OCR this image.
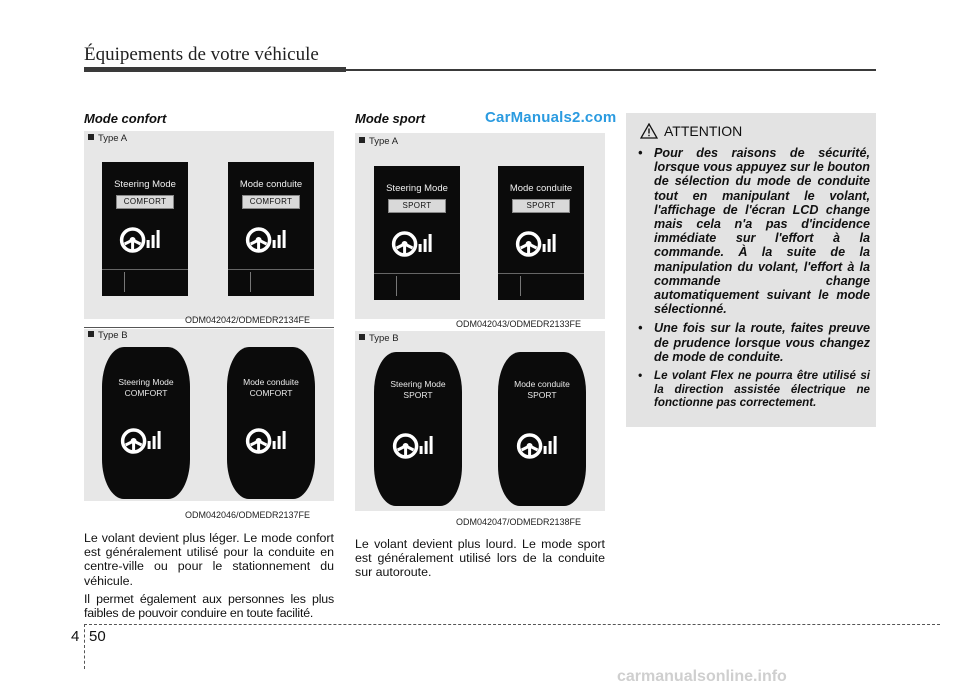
Équipements de votre véhicule
Mode confort
Type A
Steering Mode
COMFORT
Mode conduite
COMFORT
ODM042042/ODMEDR2134FE
Type B
Steering Mode
COMFORT
Mode conduite
COMFORT
ODM042046/ODMEDR2137FE
Le volant devient plus léger. Le mode confort est généralement utilisé pour la conduite en centre-ville ou pour le stationnement du véhicule.
Il permet également aux personnes les plus faibles de pouvoir conduire en toute facilité.
Mode sport	CarManuals2.com
Type A
Steering Mode
SPORT
Mode conduite
SPORT
ODM042043/ODMEDR2133FE
Type B
Steering Mode
SPORT
Mode conduite
SPORT
ODM042047/ODMEDR2138FE
Le volant devient plus lourd. Le mode sport est généralement utilisé lors de la conduite sur autoroute.
ATTENTION
• Pour des raisons de sécurité, lorsque vous appuyez sur le bouton de sélection du mode de conduite tout en manipulant le volant, l'affichage de l'écran LCD change mais cela n'a pas d'incidence immédiate sur l'effort à la commande. À la suite de la manipulation du volant, l'effort à la commande change automatiquement suivant le mode sélectionné.
• Une fois sur la route, faites preuve de prudence lorsque vous changez de mode de conduite.
• Le volant Flex ne pourra être utilisé si la direction assistée électrique ne fonctionne pas correctement.
4 50
carmanualsonline.info
